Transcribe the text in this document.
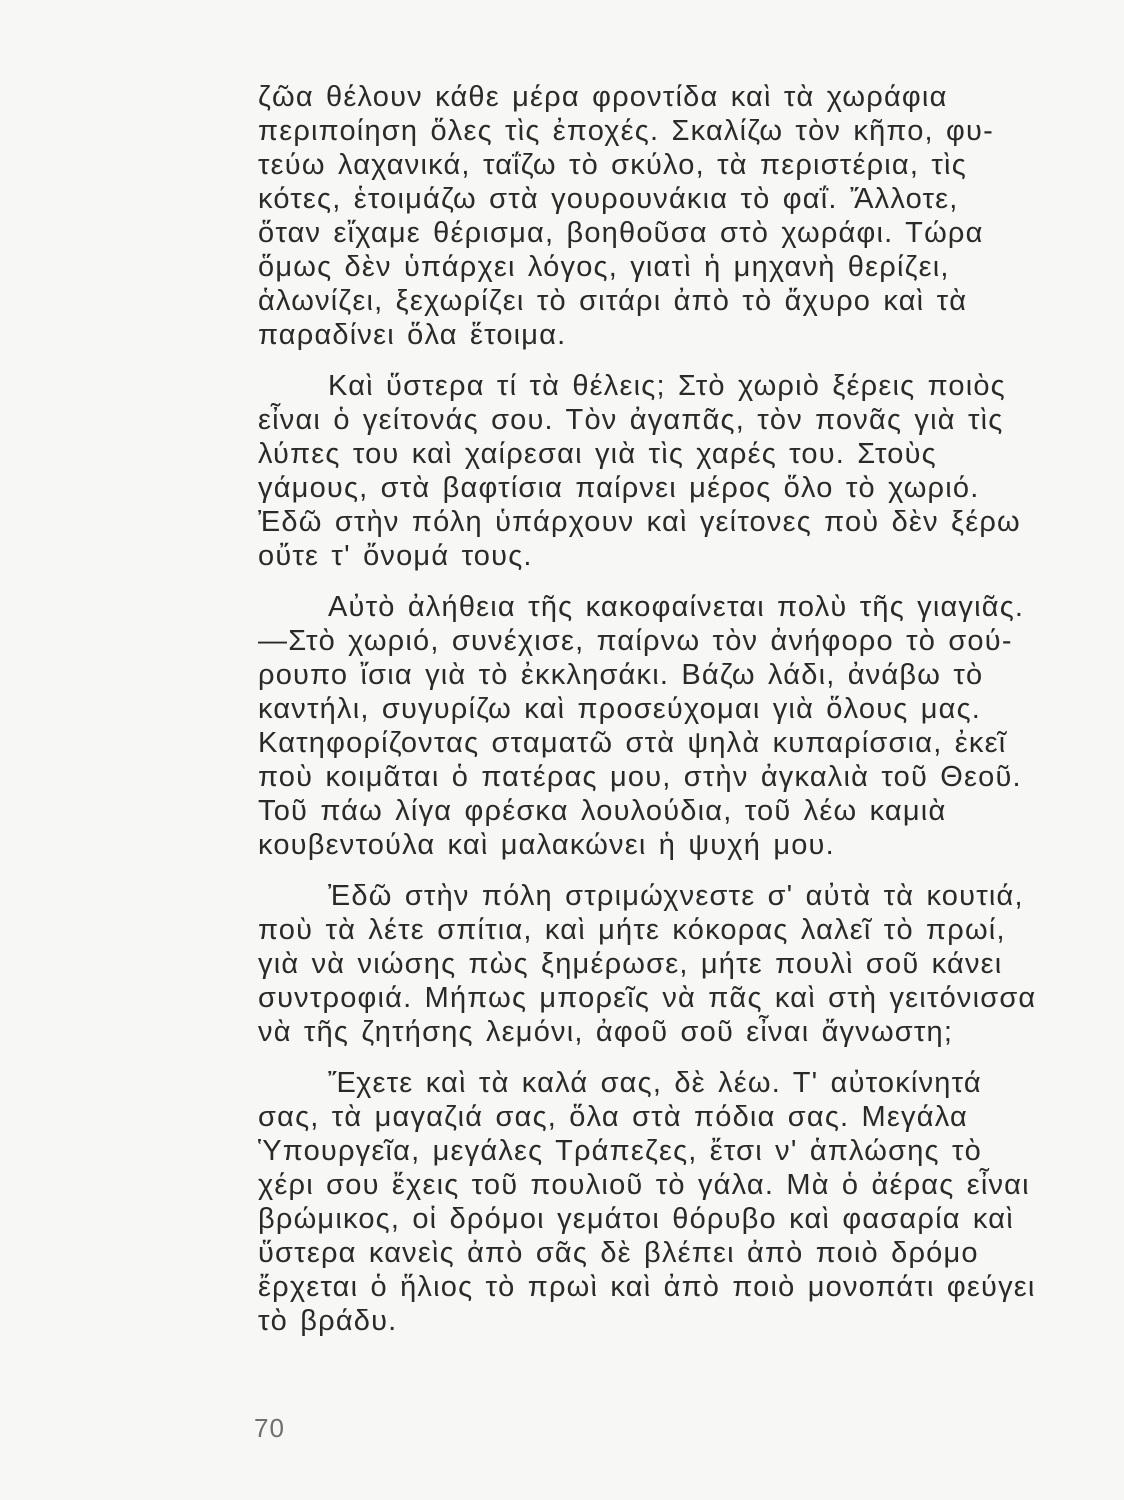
ζῶα θέλουν κάθε μέρα φροντίδα καὶ τὰ χωράφια
περιποίηση ὅλες τὶς ἐποχές. Σκαλίζω τὸν κῆπο, φυ-
τεύω λαχανικά, ταΐζω τὸ σκύλο, τὰ περιστέρια, τὶς
κότες, ἑτοιμάζω στὰ γουρουνάκια τὸ φαΐ. Ἄλλοτε,
ὅταν εἴχαμε θέρισμα, βοηθοῦσα στὸ χωράφι. Τώρα
ὅμως δὲν ὑπάρχει λόγος, γιατὶ ἡ μηχανὴ θερίζει,
ἁλωνίζει, ξεχωρίζει τὸ σιτάρι ἀπὸ τὸ ἄχυρο καὶ τὰ
παραδίνει ὅλα ἕτοιμα.
Καὶ ὕστερα τί τὰ θέλεις; Στὸ χωριὸ ξέρεις ποιὸς
εἶναι ὁ γείτονάς σου. Τὸν ἀγαπᾶς, τὸν πονᾶς γιὰ τὶς
λύπες του καὶ χαίρεσαι γιὰ τὶς χαρές του. Στοὺς
γάμους, στὰ βαφτίσια παίρνει μέρος ὅλο τὸ χωριό.
Ἐδῶ στὴν πόλη ὑπάρχουν καὶ γείτονες ποὺ δὲν ξέρω
οὔτε τ' ὄνομά τους.
Αὐτὸ ἀλήθεια τῆς κακοφαίνεται πολὺ τῆς γιαγιᾶς.
—Στὸ χωριό, συνέχισε, παίρνω τὸν ἀνήφορο τὸ σού-
ρουπο ἴσια γιὰ τὸ ἐκκλησάκι. Βάζω λάδι, ἀνάβω τὸ
καντήλι, συγυρίζω καὶ προσεύχομαι γιὰ ὅλους μας.
Κατηφορίζοντας σταματῶ στὰ ψηλὰ κυπαρίσσια, ἐκεῖ
ποὺ κοιμᾶται ὁ πατέρας μου, στὴν ἀγκαλιὰ τοῦ Θεοῦ.
Τοῦ πάω λίγα φρέσκα λουλούδια, τοῦ λέω καμιὰ
κουβεντούλα καὶ μαλακώνει ἡ ψυχή μου.
Ἐδῶ στὴν πόλη στριμώχνεστε σ' αὐτὰ τὰ κουτιά,
ποὺ τὰ λέτε σπίτια, καὶ μήτε κόκορας λαλεῖ τὸ πρωί,
γιὰ νὰ νιώσης πὼς ξημέρωσε, μήτε πουλὶ σοῦ κάνει
συντροφιά. Μήπως μπορεῖς νὰ πᾶς καὶ στὴ γειτόνισσα
νὰ τῆς ζητήσης λεμόνι, ἀφοῦ σοῦ εἶναι ἄγνωστη;
Ἔχετε καὶ τὰ καλά σας, δὲ λέω. Τ' αὐτοκίνητά
σας, τὰ μαγαζιά σας, ὅλα στὰ πόδια σας. Μεγάλα
Ὑπουργεῖα, μεγάλες Τράπεζες, ἔτσι ν' ἁπλώσης τὸ
χέρι σου ἔχεις τοῦ πουλιοῦ τὸ γάλα. Μὰ ὁ ἀέρας εἶναι
βρώμικος, οἱ δρόμοι γεμάτοι θόρυβο καὶ φασαρία καὶ
ὕστερα κανεὶς ἀπὸ σᾶς δὲ βλέπει ἀπὸ ποιὸ δρόμο
ἔρχεται ὁ ἥλιος τὸ πρωὶ καὶ ἀπὸ ποιὸ μονοπάτι φεύγει
τὸ βράδυ.
70
